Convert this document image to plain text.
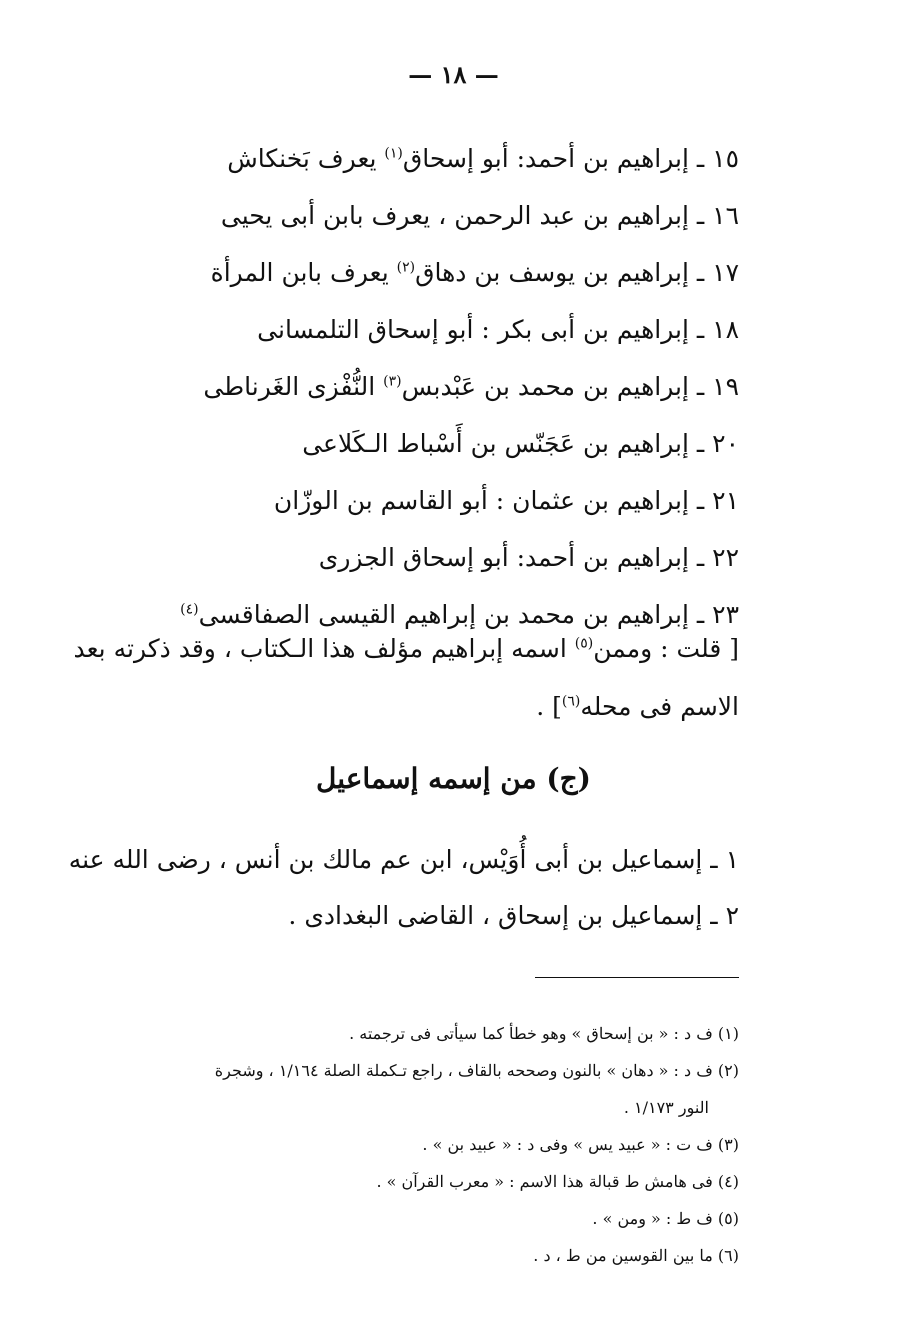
— ١٨ —
١٥ ـ إبراهيم بن أحمد: أبو إسحاق$^{(١)}$ يعرف بَخنكاش
١٦ ـ إبراهيم بن عبد الرحمن ، يعرف بابن أبى يحيى
١٧ ـ إبراهيم بن يوسف بن دهاق$^{(٢)}$ يعرف بابن المرأة
١٨ ـ إبراهيم بن أبى بكر : أبو إسحاق التلمسانى
١٩ ـ إبراهيم بن محمد بن عَبْدبس$^{(٣)}$ النُّفْزى الغَرناطى
٢٠ ـ إبراهيم بن عَجَنّس بن أَسْباط الـكَلاعى
٢١ ـ إبراهيم بن عثمان : أبو القاسم بن الوزّان
٢٢ ـ إبراهيم بن أحمد: أبو إسحاق الجزرى
٢٣ ـ إبراهيم بن محمد بن إبراهيم القيسى الصفاقسى$^{(٤)}$
[ قلت : وممن$^{(٥)}$ اسمه إبراهيم مؤلف هذا الـكتاب ، وقد ذكرته بعد
الاسم فى محله$^{(٦)}$] .
(ج) من إسمه إسماعيل
١ ـ إسماعيل بن أبى أُوَيْس، ابن عم مالك بن أنس ، رضى الله عنه
٢ ـ إسماعيل بن إسحاق ، القاضى البغدادى .
(١) ف د : « بن إسحاق » وهو خطأ كما سيأتى فى ترجمته .
(٢) ف د : « دهان » بالنون وصححه بالقاف ، راجع تـكملة الصلة ١/١٦٤ ، وشجرة
النور ١/١٧٣ .
(٣) ف ت : « عبيد يس » وفى د : « عبيد بن » .
(٤) فى هامش ط قبالة هذا الاسم : « معرب القرآن » .
(٥) ف ط : « ومن » .
(٦) ما بين القوسين من ط ، د .
